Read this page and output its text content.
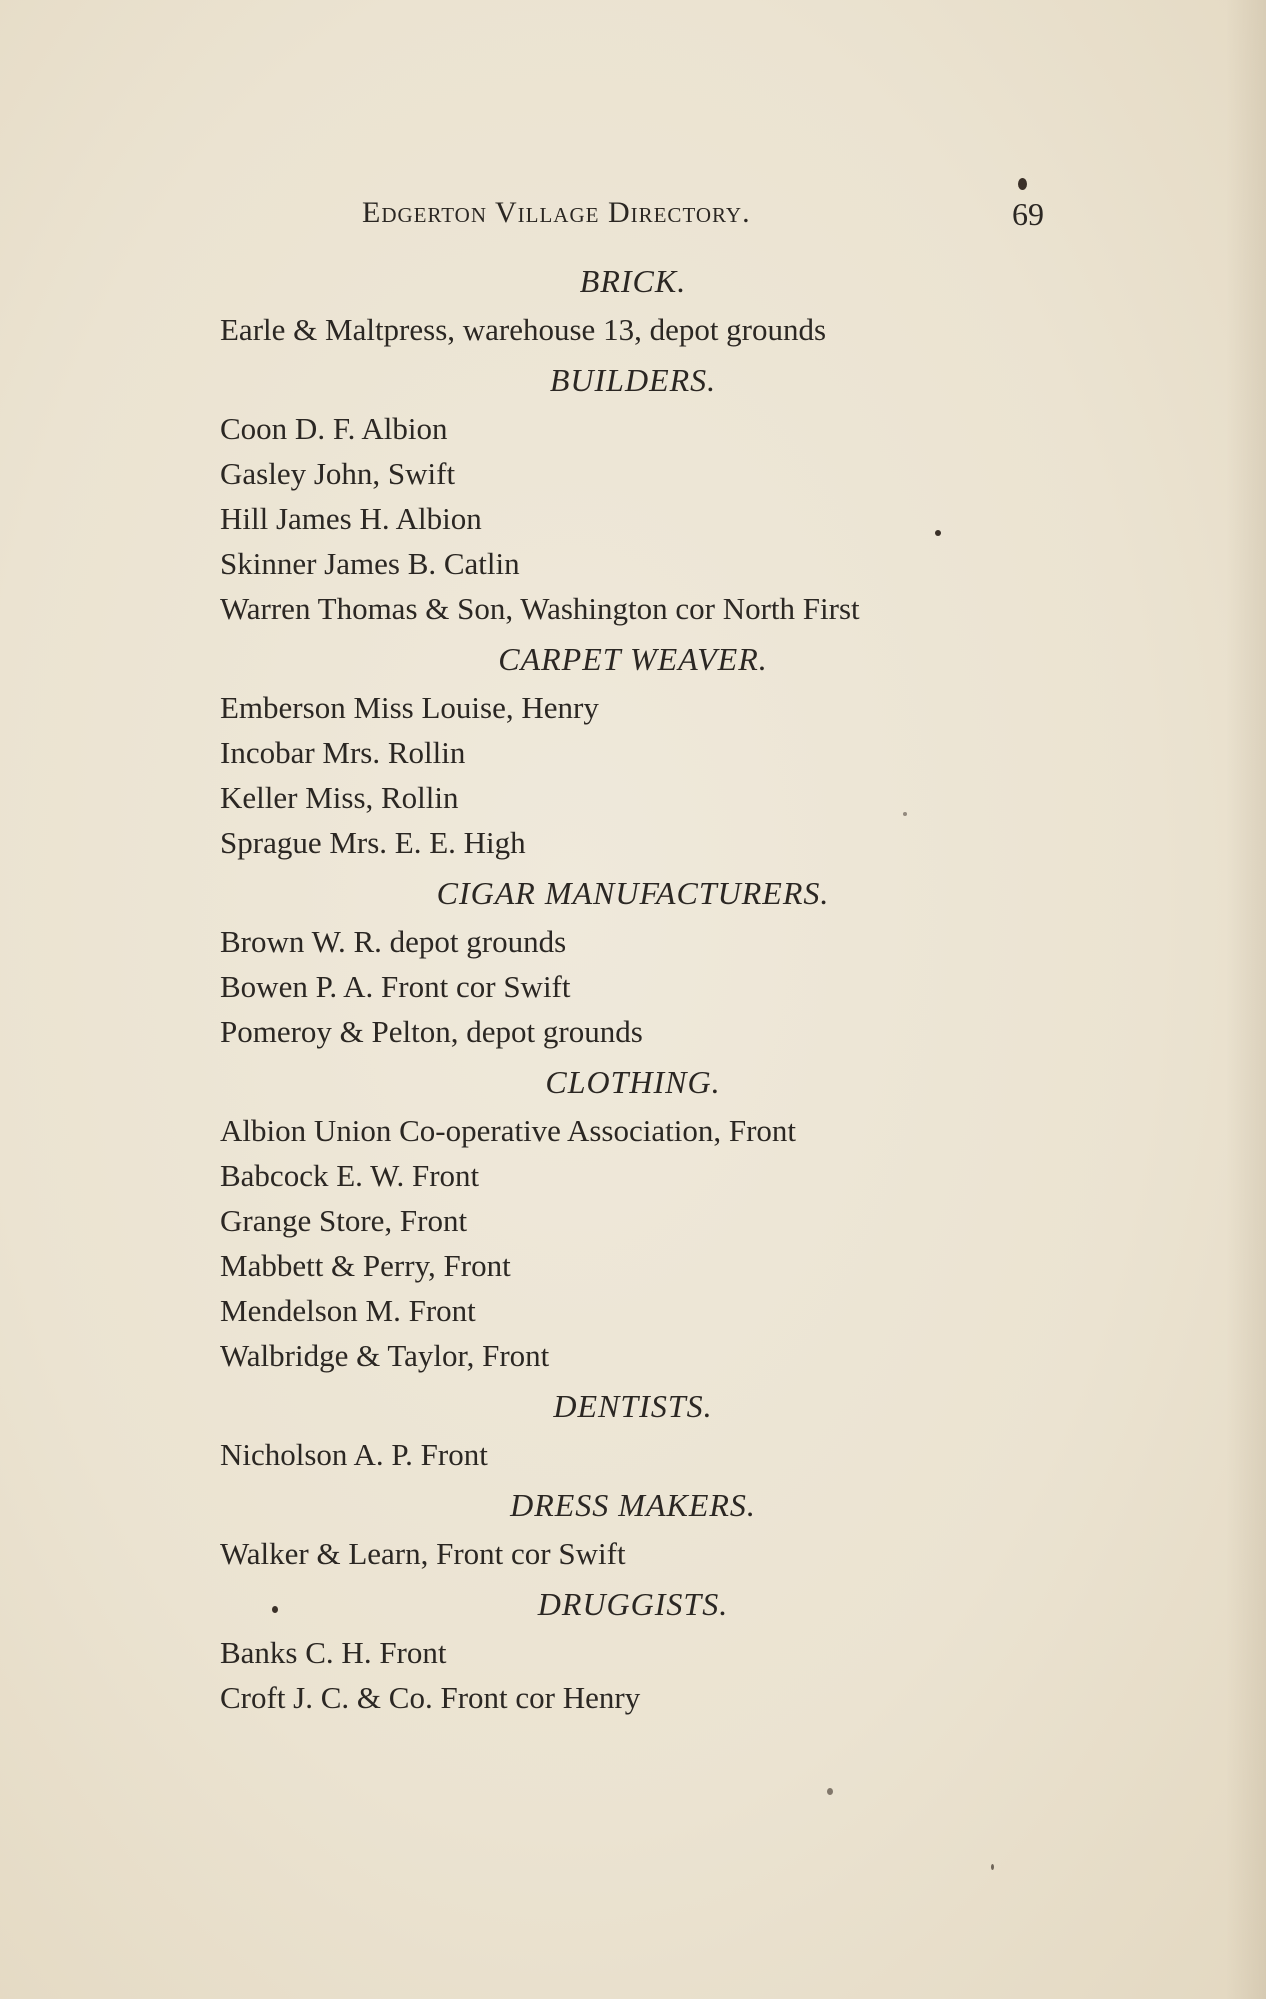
Edgerton Village Directory.	69
BRICK.
Earle & Maltpress, warehouse 13, depot grounds
BUILDERS.
Coon D. F. Albion
Gasley John, Swift
Hill James H. Albion
Skinner James B. Catlin
Warren Thomas & Son, Washington cor North First
CARPET WEAVER.
Emberson Miss Louise, Henry
Incobar Mrs. Rollin
Keller Miss, Rollin
Sprague Mrs. E. E. High
CIGAR MANUFACTURERS.
Brown W. R. depot grounds
Bowen P. A. Front cor Swift
Pomeroy & Pelton, depot grounds
CLOTHING.
Albion Union Co-operative Association, Front
Babcock E. W. Front
Grange Store, Front
Mabbett & Perry, Front
Mendelson M. Front
Walbridge & Taylor, Front
DENTISTS.
Nicholson A. P. Front
DRESS MAKERS.
Walker & Learn, Front cor Swift
DRUGGISTS.
Banks C. H. Front
Croft J. C. & Co. Front cor Henry
